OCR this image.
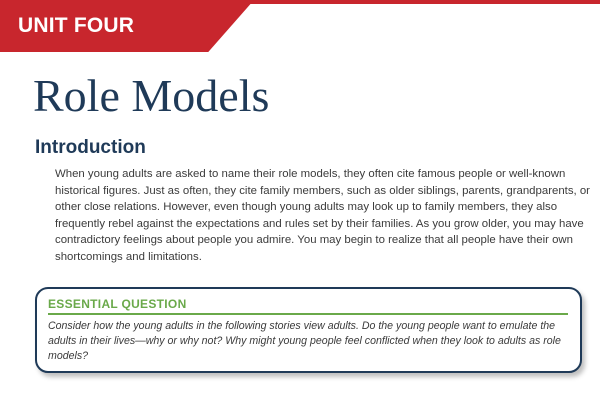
UNIT FOUR
Role Models
Introduction

When young adults are asked to name their role models, they often cite famous people or well-known historical figures. Just as often, they cite family members, such as older siblings, parents, grandparents, or other close relations. However, even though young adults may look up to family members, they also frequently rebel against the expectations and rules set by their families. As you grow older, you may have contradictory feelings about people you admire. You may begin to realize that all people have their own shortcomings and limitations.

ESSENTIAL QUESTION

Consider how the young adults in the following stories view adults. Do the young people want to emulate the adults in their lives—why or why not? Why might young people feel conflicted when they look to adults as role models?
